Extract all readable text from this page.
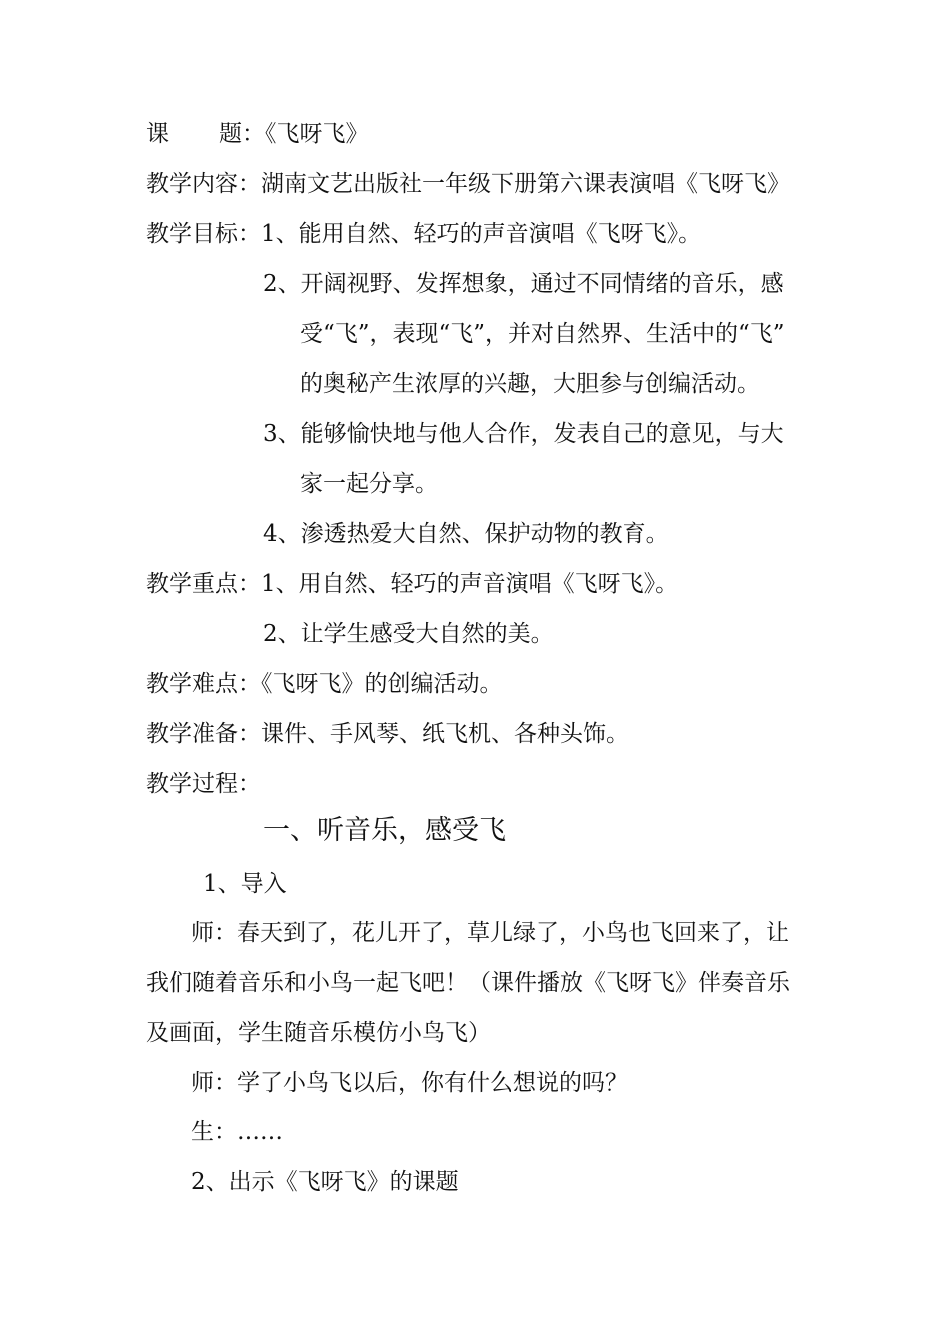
课 题：《飞呀飞》
教学内容：湖南文艺出版社一年级下册第六课表演唱《飞呀飞》
教学目标：1、能用自然、轻巧的声音演唱《飞呀飞》。
2、开阔视野、发挥想象，通过不同情绪的音乐，感
受“飞”，表现“飞”，并对自然界、生活中的“飞”
的奥秘产生浓厚的兴趣，大胆参与创编活动。
3、能够愉快地与他人合作，发表自己的意见，与大
家一起分享。
4、渗透热爱大自然、保护动物的教育。
教学重点：1、用自然、轻巧的声音演唱《飞呀飞》。
2、让学生感受大自然的美。
教学难点：《飞呀飞》的创编活动。
教学准备：课件、手风琴、纸飞机、各种头饰。
教学过程：
一、听音乐，感受飞
1、导入
师：春天到了，花儿开了，草儿绿了，小鸟也飞回来了，让
我们随着音乐和小鸟一起飞吧！（课件播放《飞呀飞》伴奏音乐
及画面，学生随音乐模仿小鸟飞）
师：学了小鸟飞以后，你有什么想说的吗？
生：……
2、出示《飞呀飞》的课题
